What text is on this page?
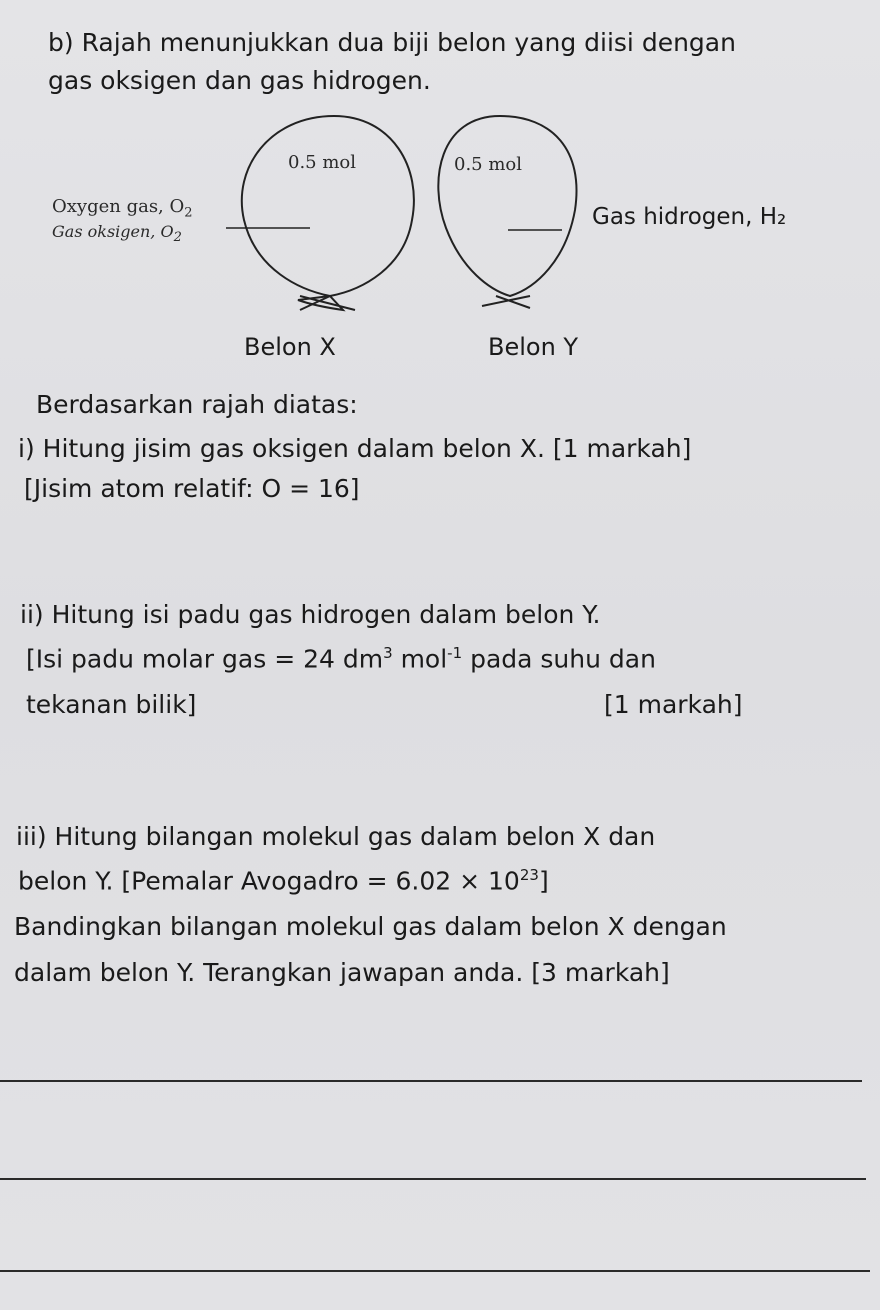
b) Rajah menunjukkan dua biji belon yang diisi dengan
gas oksigen dan gas hidrogen.
0.5 mol	0.5 mol
Oxygen gas, $O_2$
Gas oksigen, $O_2$
Gas hidrogen, H₂
Belon X	Belon Y
Berdasarkan rajah diatas:
i) Hitung jisim gas oksigen dalam belon X. [1 markah]
[Jisim atom relatif: O = 16]
ii) Hitung isi padu gas hidrogen dalam belon Y.
[Isi padu molar gas = 24 $dm^3$ mol$^{-1}$ pada suhu dan
tekanan bilik]	[1 markah]
iii) Hitung bilangan molekul gas dalam belon X dan
belon Y. [Pemalar Avogadro = $6.02 \times 10^{23}$]
Bandingkan bilangan molekul gas dalam belon X dengan
dalam belon Y. Terangkan jawapan anda. [3 markah]
